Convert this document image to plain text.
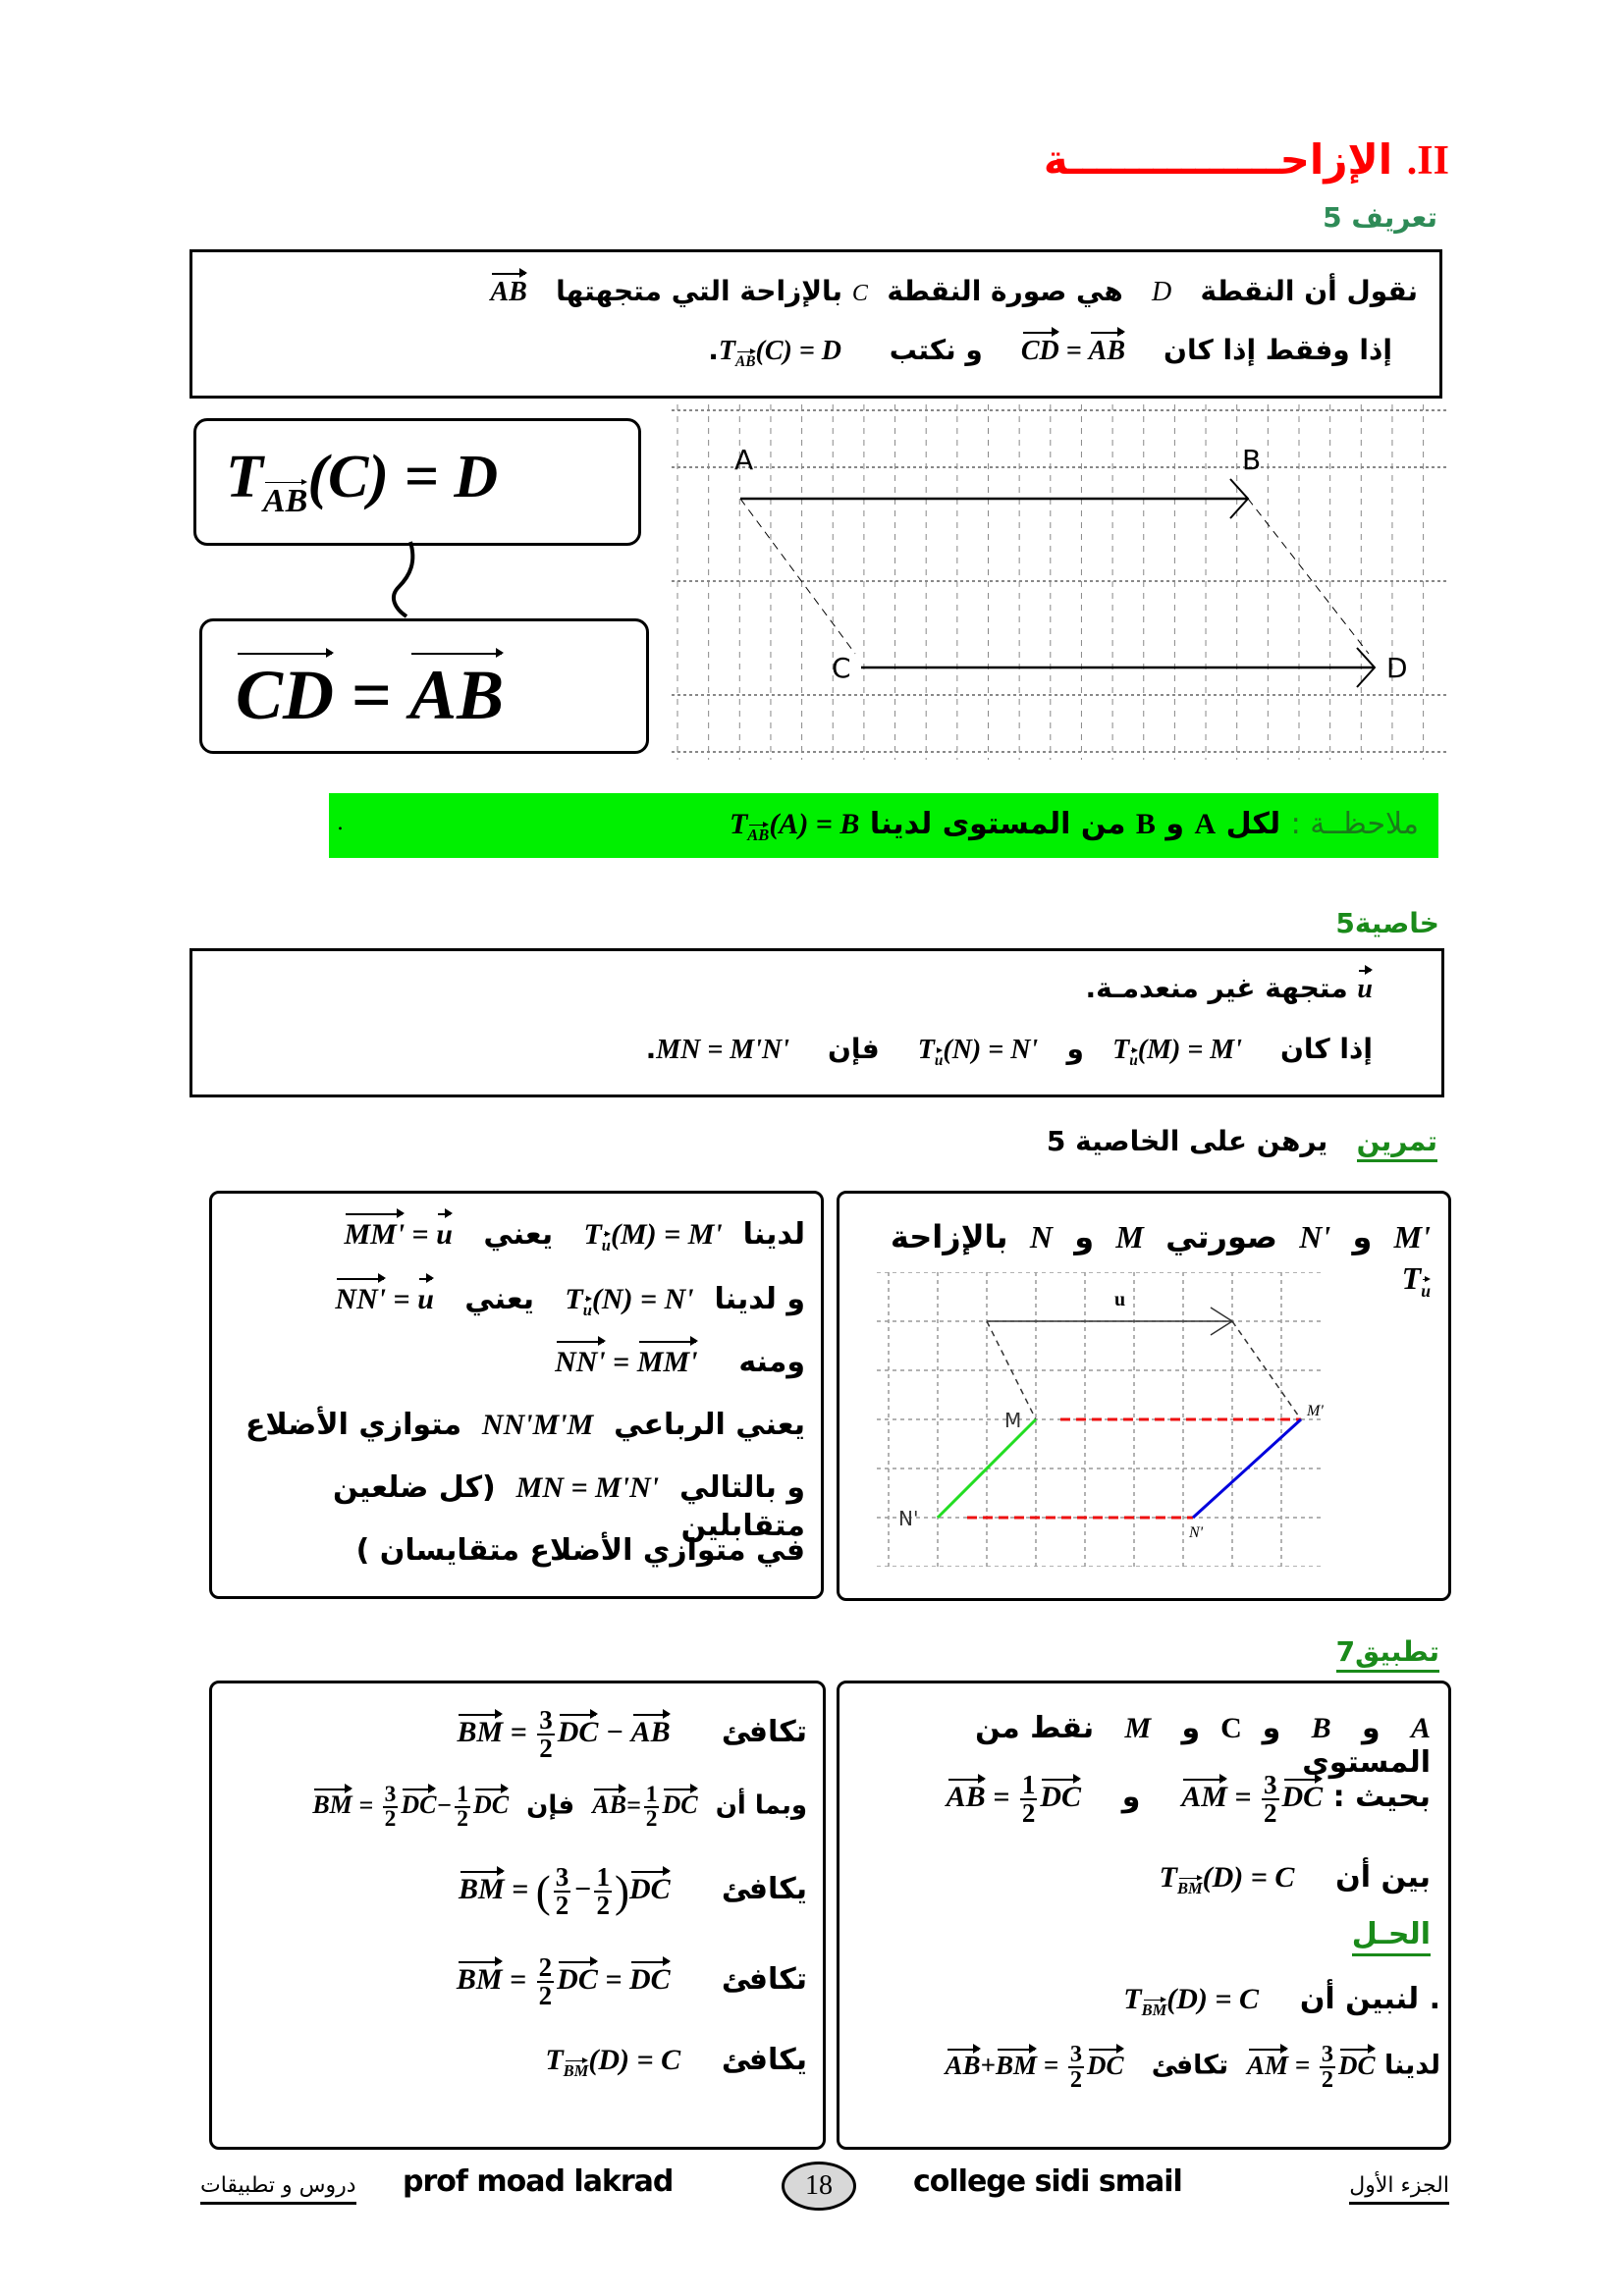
II. الإزاحـــــــــــــــة
تعريف 5
نقول أن النقطة   D   هي صورة النقطة  C بالإزاحة التي متجهتها   AB
إذا وفقط إذا كان    CD = AB    و نكتب     $T_{AB}(C) = D$.
$T_{AB}(C) = D$
CD = AB
A	B
C	D
ملاحظــة : لكل A و B من المستوى لدينا $T_{AB}(A) = B$
.
خاصية5
u متجهة غير منعدمـة.
إذا كان    $T_u(M) = M'$   و   $T_u(N) = N'$    فإن    MN = M'N'.
تمرين   يرهن على الخاصية 5
لدينا  $T_u(M) = M'$   يعني   MM' = u
و لدينا  $T_u(N) = N'$   يعني   NN' = u
ومنه    NN' = MM'
يعني الرباعي  NN'M'M  متوازي الأضلاع
و بالتالي  MN = M'N'  (كل ضلعين متقابلين
في متوازي الأضلاع متقايسان )
M'  و  N'  صورتي  M  و  N  بالإزاحة   $T_u$
u
M
N'
M'
N'
تطبيق7
تكافئ     BM = $\frac{3}{2}$ DC − AB
وبما أن  $AB= \frac{1}{2}$ DC  فإن  BM = $\frac{3}{2} DC- \frac{1}{2}$ DC
يكافئ     BM = ( $\frac{3}{2} - \frac{1}{2} )DC$
تكافئ     BM = $\frac{2}{2}$ DC = DC
يكافئ    $T_{BM}(D) = C$
A   و   B   و  C  و   M   نقط من المستوى
بحيث : AM = $\frac{3}{2}$ DC    و    AB = $\frac{1}{2}$ DC
بين أن    $T_{BM}(D) = C$
الحـل
. لنبين أن    $T_{BM}(D) = C$
لدينا AM = $\frac{3}{2}$ DC  تكافئ   $AB+BM = \frac{3}{2}$ DC
الجزء الأول
college sidi smail
18
prof moad lakrad
دروس و تطبيقات
